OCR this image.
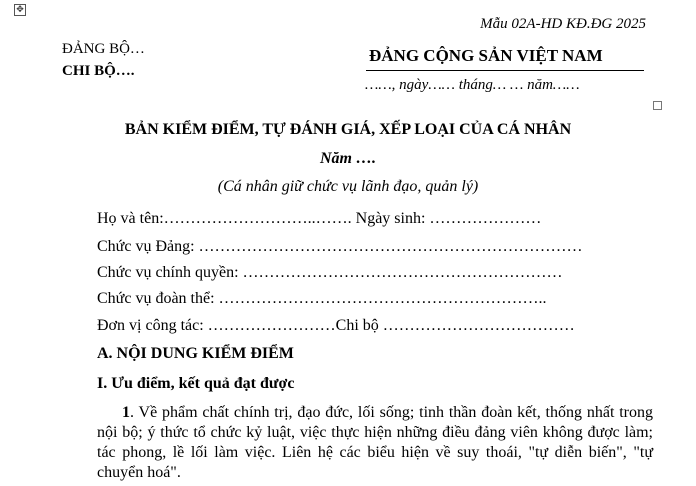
✥
Mẫu 02A-HD KĐ.ĐG 2025
ĐẢNG BỘ…
CHI BỘ….
ĐẢNG CỘNG SẢN VIỆT NAM
……, ngày…… tháng… … năm……
BẢN KIỂM ĐIỂM, TỰ ĐÁNH GIÁ, XẾP LOẠI CỦA CÁ NHÂN
Năm ….
(Cá nhân giữ chức vụ lãnh đạo, quản lý)
Họ và tên:………………………..……. Ngày sinh: …………………
Chức vụ Đảng: ………………………………………………………………
Chức vụ chính quyền: ……………………………………………………
Chức vụ đoàn thể: ……………………………………………………..
Đơn vị công tác: ……………………Chi bộ ………………………………
A. NỘI DUNG KIỂM ĐIỂM
I. Ưu điểm, kết quả đạt được
1. Về phẩm chất chính trị, đạo đức, lối sống; tinh thần đoàn kết, thống nhất trong nội bộ; ý thức tổ chức kỷ luật, việc thực hiện những điều đảng viên không được làm; tác phong, lề lối làm việc. Liên hệ các biểu hiện về suy thoái, "tự diễn biến", "tự chuyển hoá".
